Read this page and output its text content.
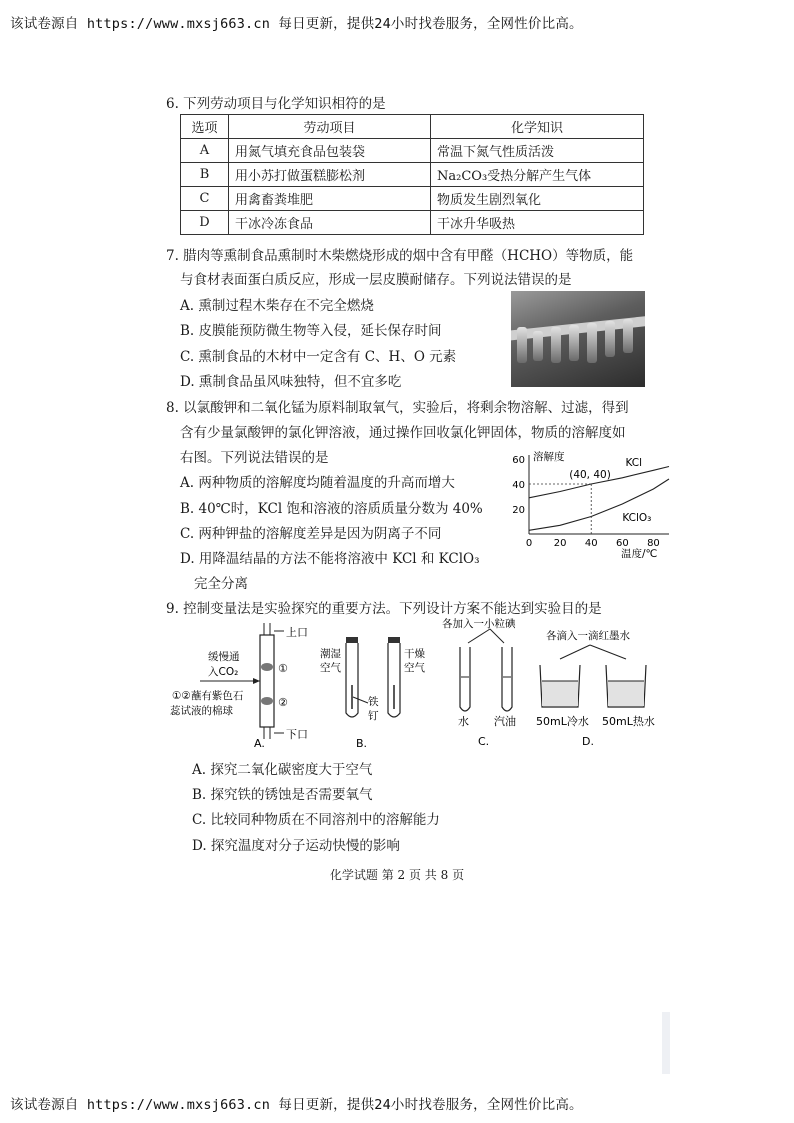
该试卷源自 https://www.mxsj663.cn 每日更新，提供24小时找卷服务，全网性价比高。
6. 下列劳动项目与化学知识相符的是
选项	劳动项目	化学知识
A	用氮气填充食品包装袋	常温下氮气性质活泼
B	用小苏打做蛋糕膨松剂	Na₂CO₃受热分解产生气体
C	用禽畜粪堆肥	物质发生剧烈氧化
D	干冰冷冻食品	干冰升华吸热
7. 腊肉等熏制食品熏制时木柴燃烧形成的烟中含有甲醛（HCHO）等物质，能
与食材表面蛋白质反应，形成一层皮膜耐储存。下列说法错误的是
A. 熏制过程木柴存在不完全燃烧
B. 皮膜能预防微生物等入侵，延长保存时间
C. 熏制食品的木材中一定含有 C、H、O 元素
D. 熏制食品虽风味独特，但不宜多吃
8. 以氯酸钾和二氧化锰为原料制取氧气，实验后，将剩余物溶解、过滤，得到
含有少量氯酸钾的氯化钾溶液，通过操作回收氯化钾固体，物质的溶解度如
右图。下列说法错误的是
A. 两种物质的溶解度均随着温度的升高而增大
B. 40℃时，KCl 饱和溶液的溶质质量分数为 40%
C. 两种钾盐的溶解度差异是因为阴离子不同
D. 用降温结晶的方法不能将溶液中 KCl 和 KClO₃
完全分离
0 20 40 60 80
20
40
60 溶解度
(40, 40)
KCl
KClO₃
温度/℃
9. 控制变量法是实验探究的重要方法。下列设计方案不能达到实验目的是
上口
下口
①
②
缓慢通
入CO₂
①②蘸有紫色石
蕊试液的棉球
A.
潮湿
空气
干燥
空气
铁
钉
B.
各加入一小粒碘
水 汽油
C.
各滴入一滴红墨水
50mL冷水 50mL热水
D.
A. 探究二氧化碳密度大于空气
B. 探究铁的锈蚀是否需要氧气
C. 比较同种物质在不同溶剂中的溶解能力
D. 探究温度对分子运动快慢的影响
化学试题 第 2 页 共 8 页
该试卷源自 https://www.mxsj663.cn 每日更新，提供24小时找卷服务，全网性价比高。
